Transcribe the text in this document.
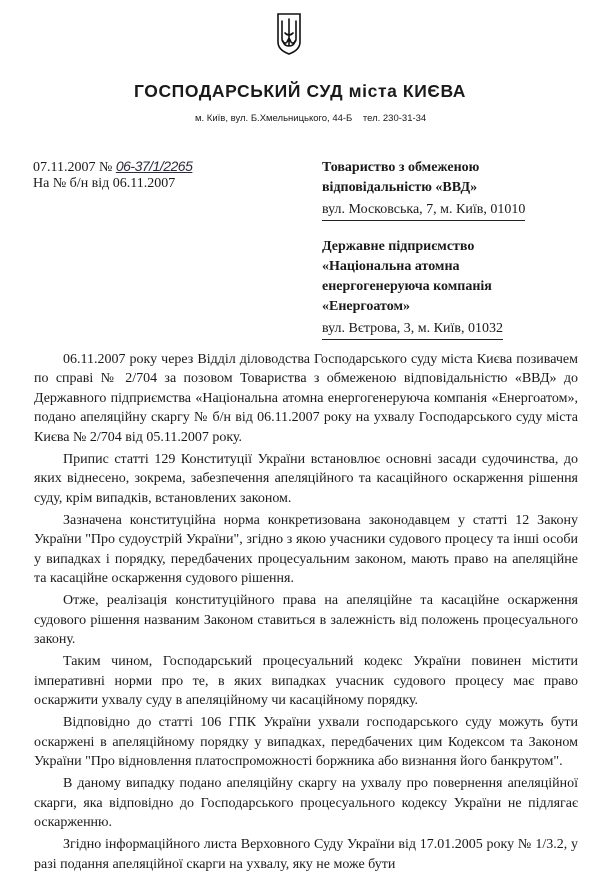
ГОСПОДАРСЬКИЙ СУД міста КИЄВА
м. Київ, вул. Б.Хмельницького, 44-Б тел. 230-31-34
07.11.2007 № 06-37/1/2265
На № б/н від 06.11.2007
Товариство з обмеженою
відповідальністю «ВВД»
вул. Московська, 7, м. Київ, 01010
Державне підприємство
«Національна атомна
енергогенеруюча компанія
«Енергоатом»
вул. Вєтрова, 3, м. Київ, 01032

06.11.2007 року через Відділ діловодства Господарського суду міста Києва позивачем по справі № 2/704 за позовом Товариства з обмеженою відповідальністю «ВВД» до Державного підприємства «Національна атомна енергогенеруюча компанія «Енергоатом», подано апеляційну скаргу № б/н від 06.11.2007 року на ухвалу Господарського суду міста Києва № 2/704 від 05.11.2007 року.

Припис статті 129 Конституції України встановлює основні засади судочинства, до яких віднесено, зокрема, забезпечення апеляційного та касаційного оскарження рішення суду, крім випадків, встановлених законом.

Зазначена конституційна норма конкретизована законодавцем у статті 12 Закону України "Про судоустрій України", згідно з якою учасники судового процесу та інші особи у випадках і порядку, передбачених процесуальним законом, мають право на апеляційне та касаційне оскарження судового рішення.

Отже, реалізація конституційного права на апеляційне та касаційне оскарження судового рішення названим Законом ставиться в залежність від положень процесуального закону.

Таким чином, Господарський процесуальний кодекс України повинен містити імперативні норми про те, в яких випадках учасник судового процесу має право оскаржити ухвалу суду в апеляційному чи касаційному порядку.

Відповідно до статті 106 ГПК України ухвали господарського суду можуть бути оскаржені в апеляційному порядку у випадках, передбачених цим Кодексом та Законом України "Про відновлення платоспроможності боржника або визнання його банкрутом".

В даному випадку подано апеляційну скаргу на ухвалу про повернення апеляційної скарги, яка відповідно до Господарського процесуального кодексу України не підлягає оскарженню.

Згідно інформаційного листа Верховного Суду України від 17.01.2005 року № 1/3.2, у разі подання апеляційної скарги на ухвалу, яку не може бути
